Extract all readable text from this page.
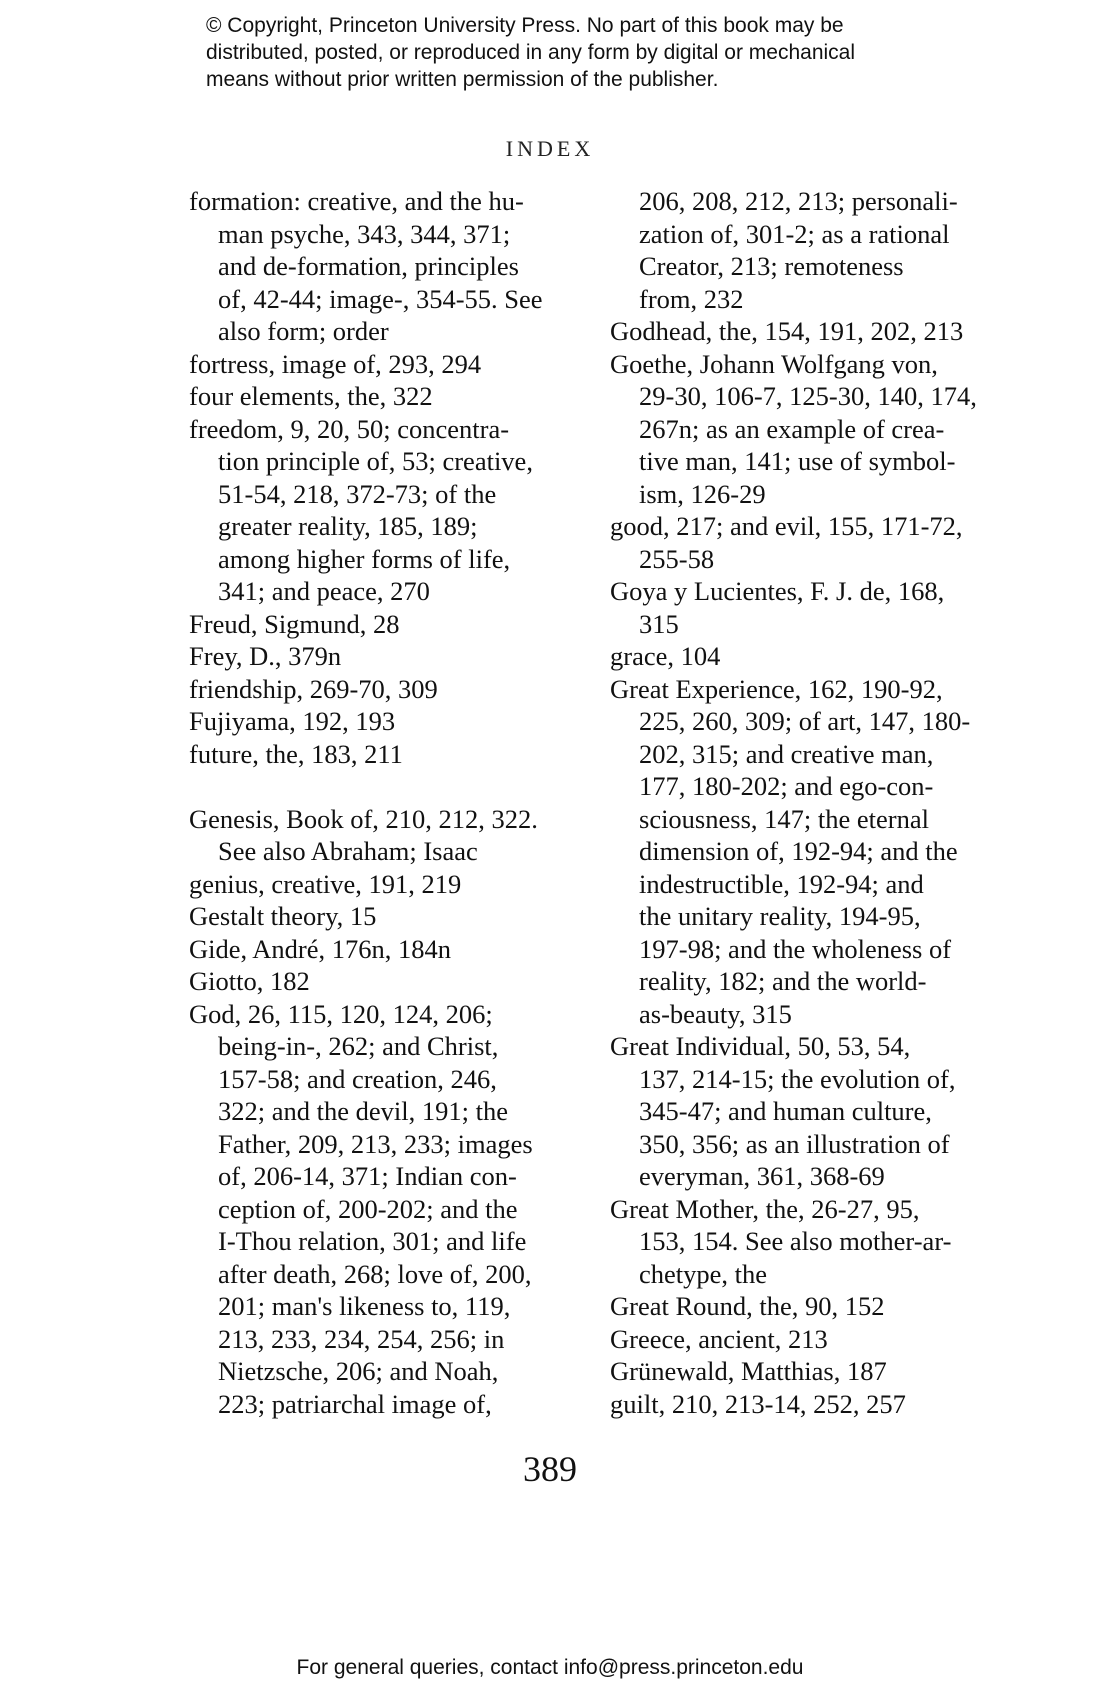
© Copyright, Princeton University Press. No part of this book may be
distributed, posted, or reproduced in any form by digital or mechanical
means without prior written permission of the publisher.
INDEX
formation: creative, and the hu-
man psyche, 343, 344, 371;
and de-formation, principles
of, 42-44; image-, 354-55. See
also form; order
fortress, image of, 293, 294
four elements, the, 322
freedom, 9, 20, 50; concentra-
tion principle of, 53; creative,
51-54, 218, 372-73; of the
greater reality, 185, 189;
among higher forms of life,
341; and peace, 270
Freud, Sigmund, 28
Frey, D., 379n
friendship, 269-70, 309
Fujiyama, 192, 193
future, the, 183, 211
Genesis, Book of, 210, 212, 322.
See also Abraham; Isaac
genius, creative, 191, 219
Gestalt theory, 15
Gide, André, 176n, 184n
Giotto, 182
God, 26, 115, 120, 124, 206;
being-in-, 262; and Christ,
157-58; and creation, 246,
322; and the devil, 191; the
Father, 209, 213, 233; images
of, 206-14, 371; Indian con-
ception of, 200-202; and the
I-Thou relation, 301; and life
after death, 268; love of, 200,
201; man's likeness to, 119,
213, 233, 234, 254, 256; in
Nietzsche, 206; and Noah,
223; patriarchal image of,
206, 208, 212, 213; personali-
zation of, 301-2; as a rational
Creator, 213; remoteness
from, 232
Godhead, the, 154, 191, 202, 213
Goethe, Johann Wolfgang von,
29-30, 106-7, 125-30, 140, 174,
267n; as an example of crea-
tive man, 141; use of symbol-
ism, 126-29
good, 217; and evil, 155, 171-72,
255-58
Goya y Lucientes, F. J. de, 168,
315
grace, 104
Great Experience, 162, 190-92,
225, 260, 309; of art, 147, 180-
202, 315; and creative man,
177, 180-202; and ego-con-
sciousness, 147; the eternal
dimension of, 192-94; and the
indestructible, 192-94; and
the unitary reality, 194-95,
197-98; and the wholeness of
reality, 182; and the world-
as-beauty, 315
Great Individual, 50, 53, 54,
137, 214-15; the evolution of,
345-47; and human culture,
350, 356; as an illustration of
everyman, 361, 368-69
Great Mother, the, 26-27, 95,
153, 154. See also mother-ar-
chetype, the
Great Round, the, 90, 152
Greece, ancient, 213
Grünewald, Matthias, 187
guilt, 210, 213-14, 252, 257
389
For general queries, contact info@press.princeton.edu
